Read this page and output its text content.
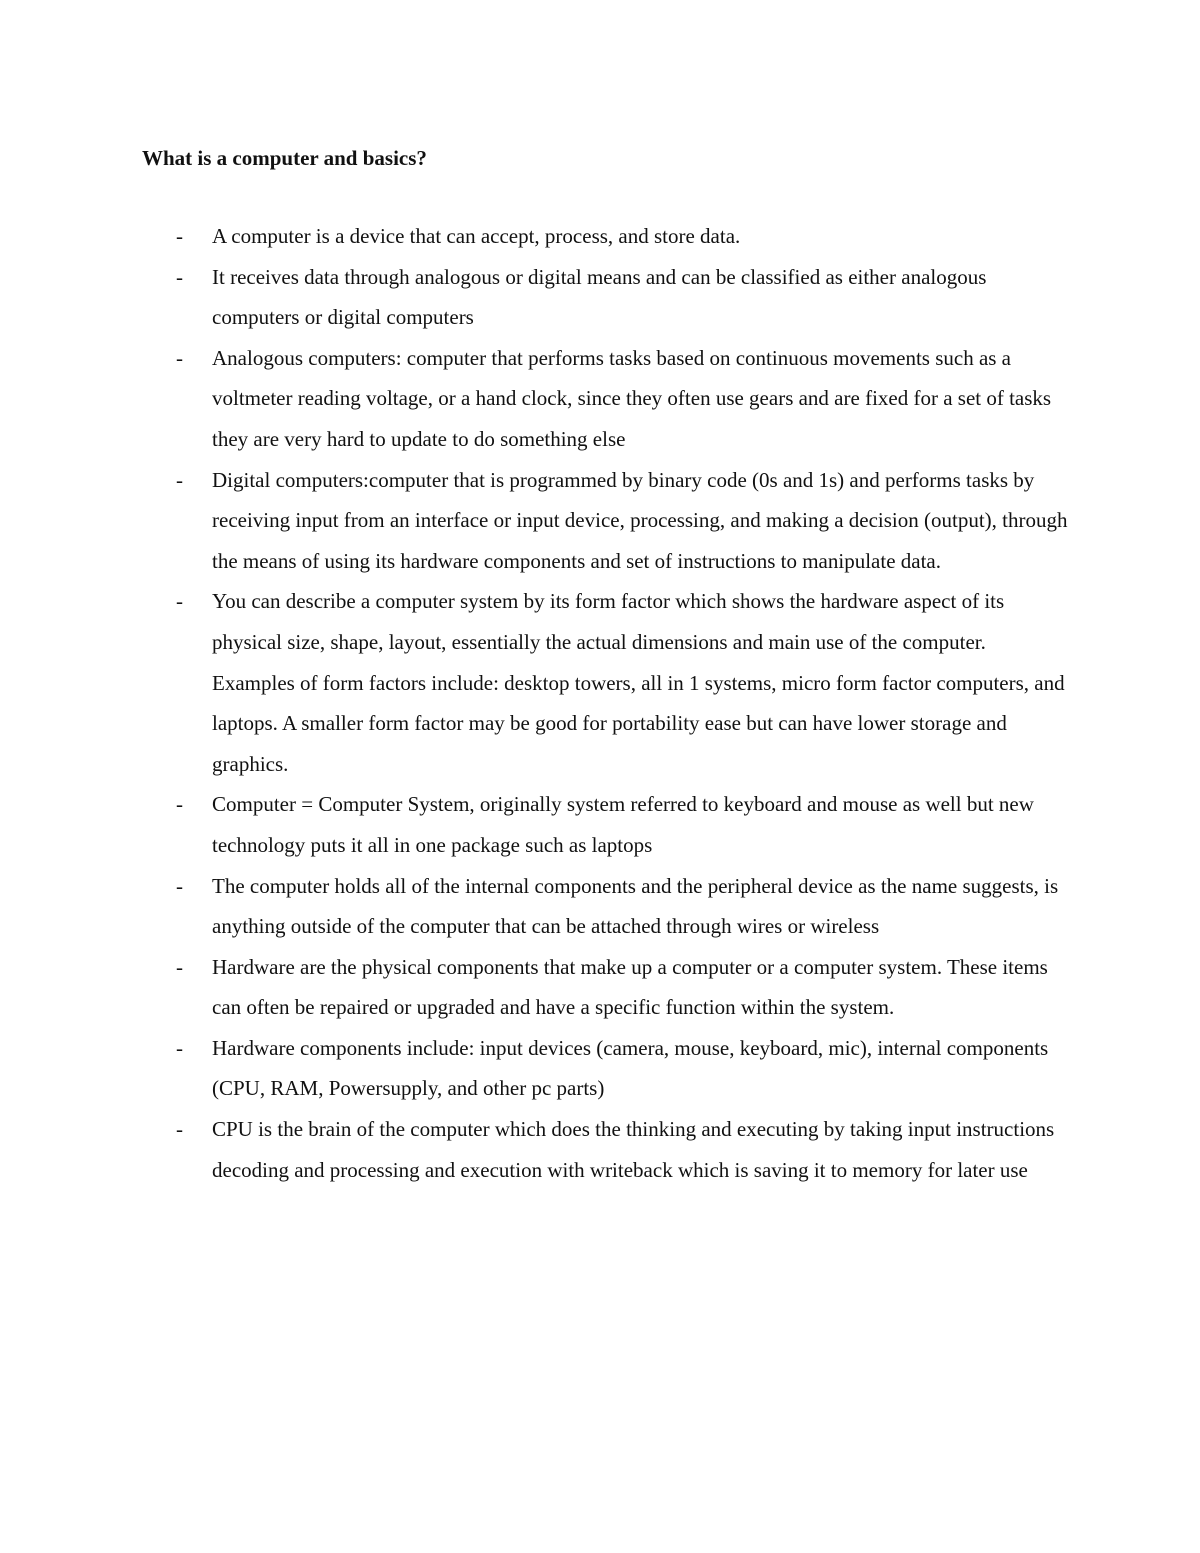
What is a computer and basics?
- A computer is a device that can accept, process, and store data.
- It receives data through analogous or digital means and can be classified as either analogous computers or digital computers
- Analogous computers: computer that performs tasks based on continuous movements such as a voltmeter reading voltage, or a hand clock, since they often use gears and are fixed for a set of tasks they are very hard to update to do something else
- Digital computers:computer that is programmed by binary code (0s and 1s) and performs tasks by receiving input from an interface or input device, processing, and making a decision (output), through the means of using its hardware components and set of instructions to manipulate data.
- You can describe a computer system by its form factor which shows the hardware aspect of its physical size, shape, layout, essentially the actual dimensions and main use of the computer. Examples of form factors include: desktop towers, all in 1 systems, micro form factor computers, and laptops. A smaller form factor may be good for portability ease but can have lower storage and graphics.
- Computer = Computer System, originally system referred to keyboard and mouse as well but new technology puts it all in one package such as laptops
- The computer holds all of the internal components and the peripheral device as the name suggests, is anything outside of the computer that can be attached through wires or wireless
- Hardware are the physical components that make up a computer or a computer system. These items can often be repaired or upgraded and have a specific function within the system.
- Hardware components include: input devices (camera, mouse, keyboard, mic), internal components (CPU, RAM, Powersupply, and other pc parts)
- CPU is the brain of the computer which does the thinking and executing by taking input instructions decoding and processing and execution with writeback which is saving it to memory for later use
